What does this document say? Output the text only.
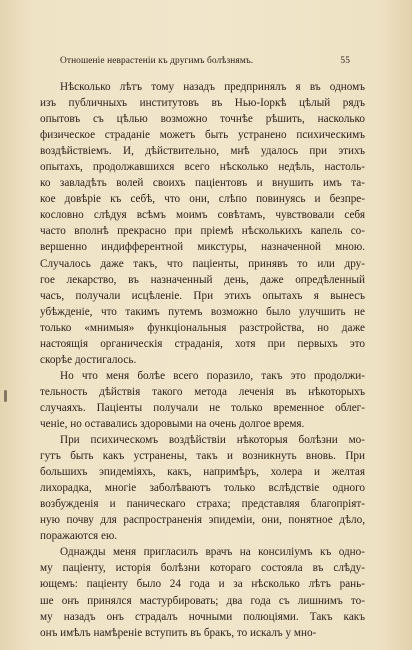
Отношеніе неврастеніи къ другимъ болѣзнямъ.	55
Нѣсколько лѣтъ тому назадъ предпринялъ я въ одномъ
изъ публичныхъ институтовъ въ Нью-Іоркѣ цѣлый рядъ
опытовъ съ цѣлью возможно точнѣе рѣшить, насколько
физическое страданіе можетъ быть устранено психическимъ
воздѣйствіемъ. И, дѣйствительно, мнѣ удалось при этихъ
опытахъ, продолжавшихся всего нѣсколько недѣль, настоль-
ко завладѣть волей своихъ паціентовъ и внушить имъ та-
кое довѣріе къ себѣ, что они, слѣпо повинуясь и безпре-
кословно слѣдуя всѣмъ моимъ совѣтамъ, чувствовали себя
часто вполнѣ прекрасно при пріемѣ нѣсколькихъ капель со-
вершенно индифферентной микстуры, назначенной мною.
Случалось даже такъ, что паціенты, принявъ то или дру-
гое лекарство, въ назначенный день, даже опредѣленный
часъ, получали исцѣленіе. При этихъ опытахъ я вынесъ
убѣжденіе, что такимъ путемъ возможно было улучшить не
только «мнимыя» функціональныя разстройства, но даже
настоящія органическія страданія, хотя при первыхъ это
скорѣе достигалось.
Но что меня болѣе всего поразило, такъ это продолжи-
тельность дѣйствія такого метода леченія въ нѣкоторыхъ
случаяхъ. Паціенты получали не только временное облег-
ченіе, но оставались здоровыми на очень долгое время.
При психическомъ воздѣйствіи нѣкоторыя болѣзни мо-
гутъ быть какъ устранены, такъ и возникнуть вновь. При
большихъ эпидеміяхъ, какъ, напримѣръ, холера и желтая
лихорадка, многіе заболѣваютъ только вслѣдствіе одного
возбужденія и паническаго страха; представляя благопріят-
ную почву для распространенія эпидеміи, они, понятное дѣло,
поражаются ею.
Однажды меня пригласилъ врачъ на консиліумъ къ одно-
му паціенту, исторія болѣзни котораго состояла въ слѣду-
ющемъ: паціенту было 24 года и за нѣсколько лѣтъ рань-
ше онъ принялся мастурбировать; два года съ лишнимъ то-
му назадъ онъ страдалъ ночными полюціями. Такъ какъ
онъ имѣлъ намѣреніе вступить въ бракъ, то искалъ у мно-
